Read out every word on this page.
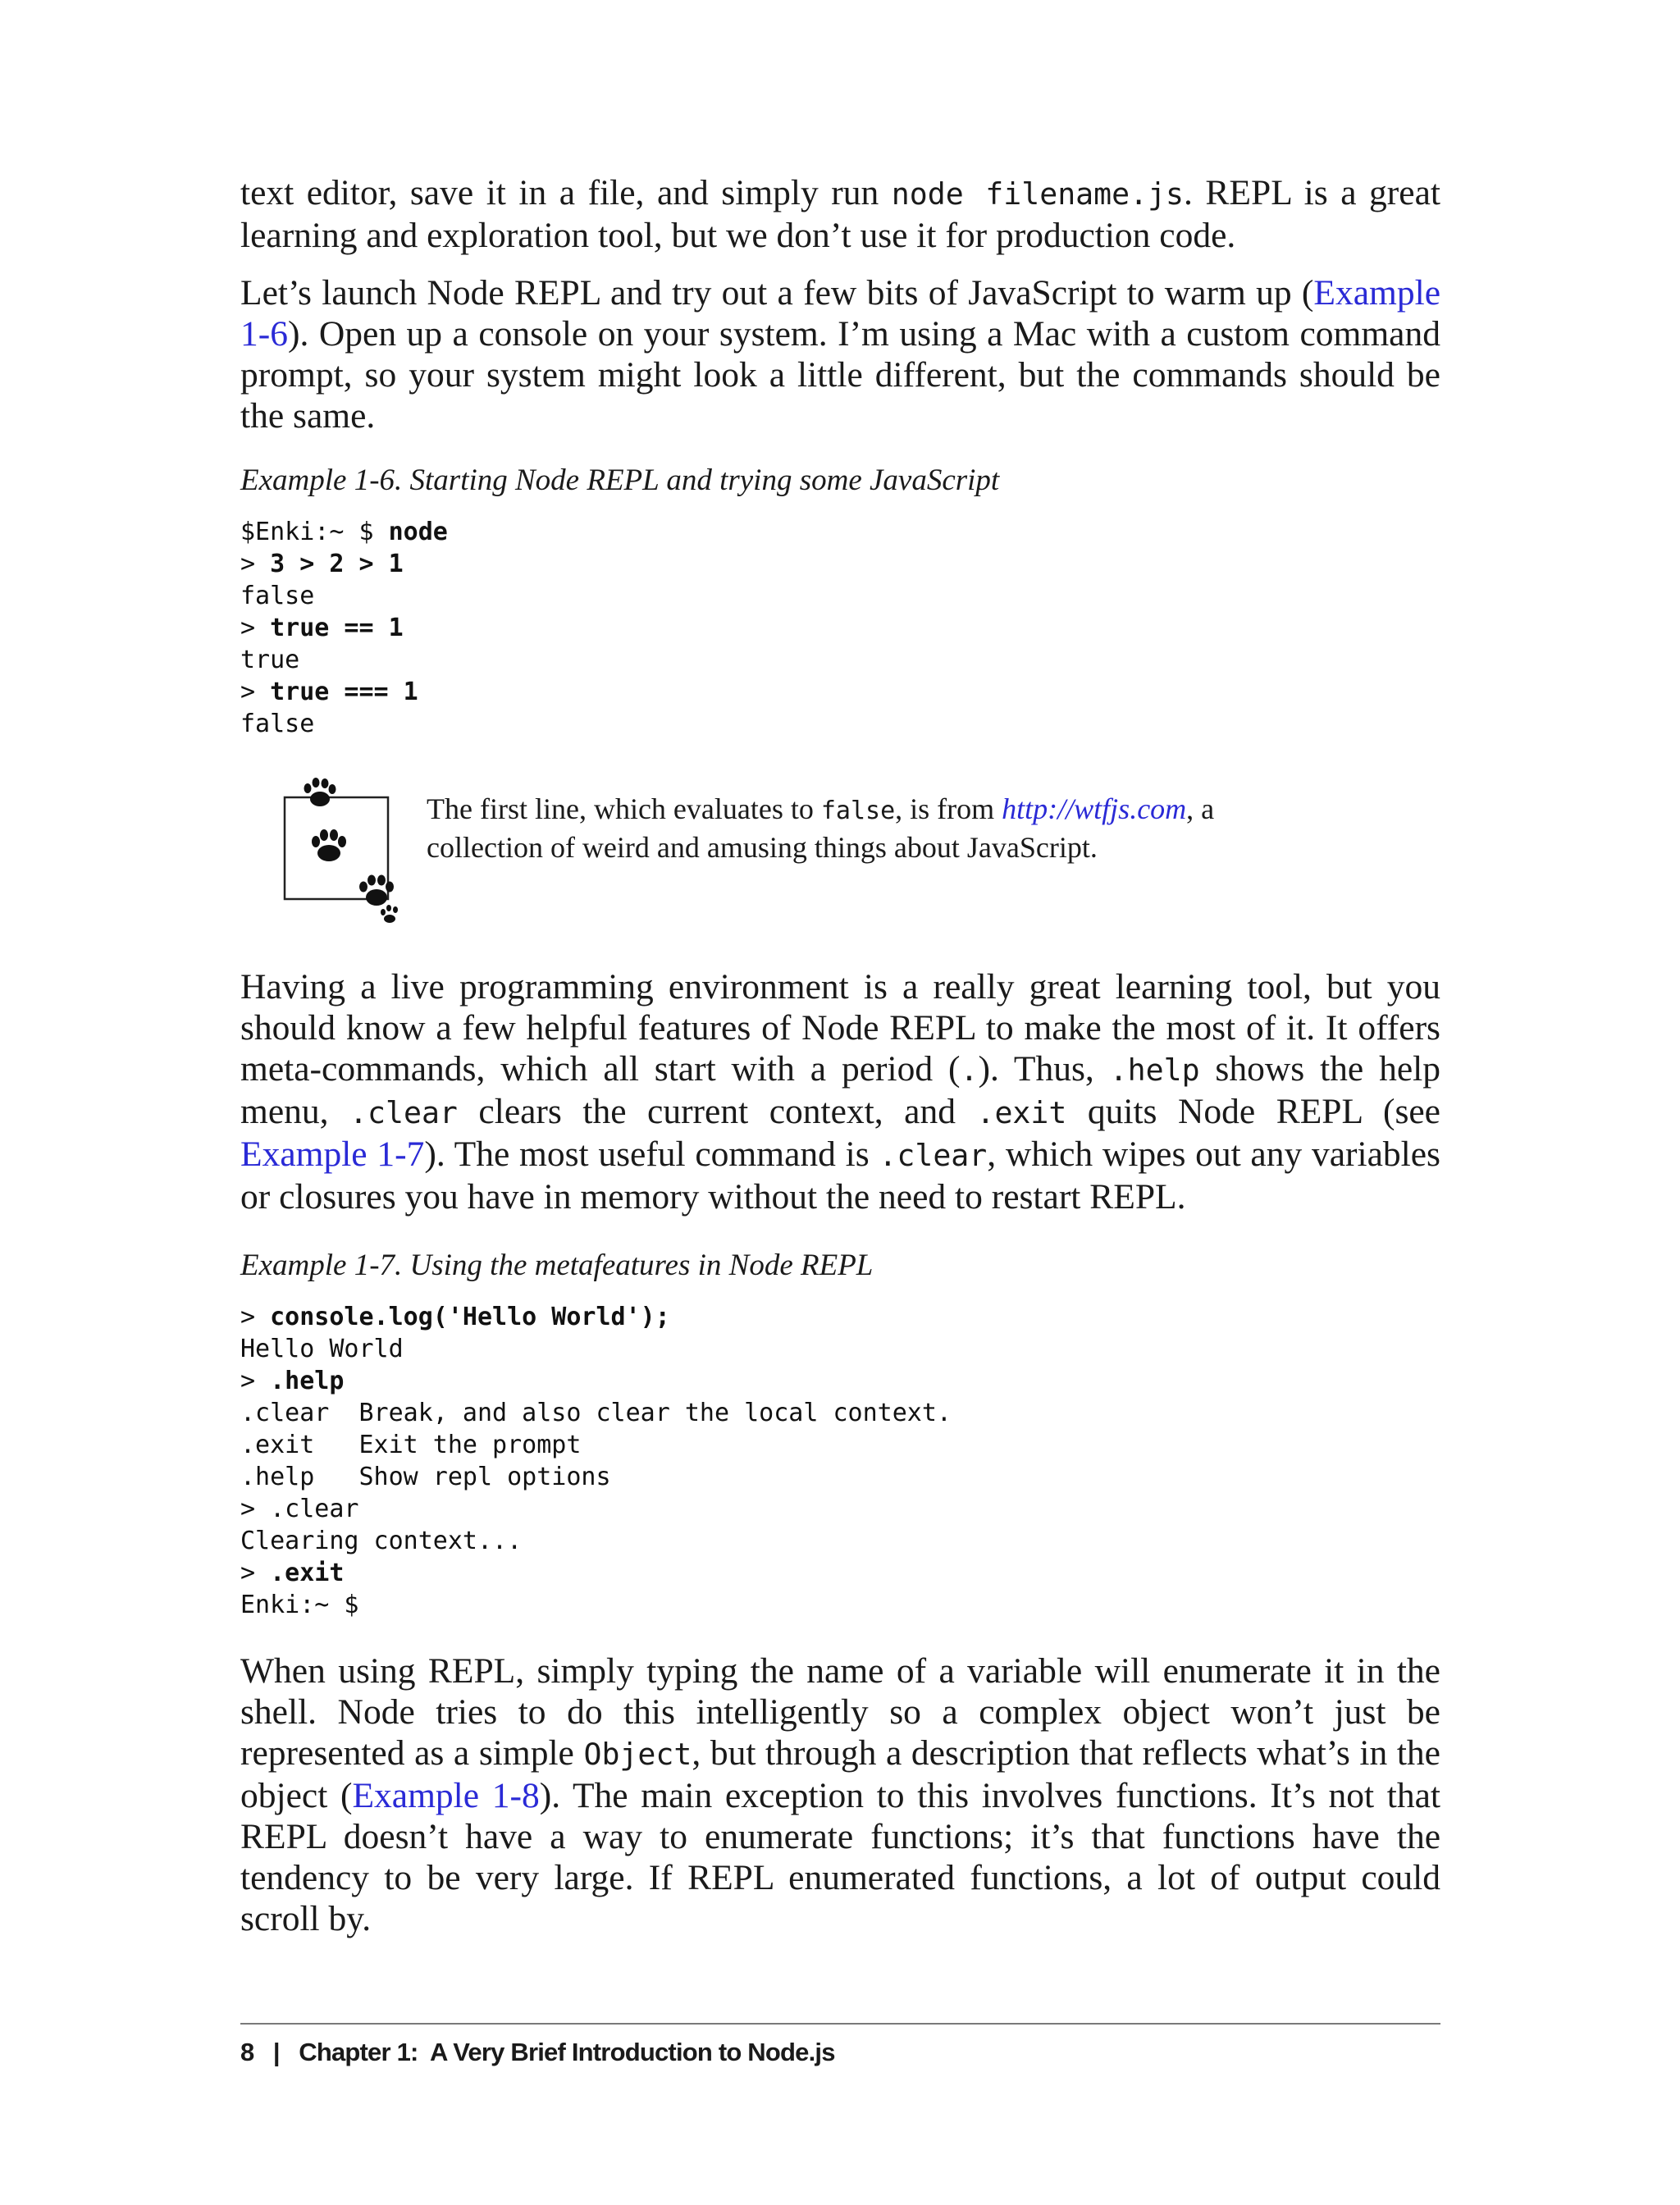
text editor, save it in a file, and simply run node filename.js. REPL is a great learning and exploration tool, but we don’t use it for production code.

Let’s launch Node REPL and try out a few bits of JavaScript to warm up (Example 1-6). Open up a console on your system. I’m using a Mac with a custom command prompt, so your system might look a little different, but the commands should be the same.

Example 1-6. Starting Node REPL and trying some JavaScript

$Enki:~ $ node
> 3 > 2 > 1
false
> true == 1
true
> true === 1
false
The first line, which evaluates to false, is from http://wtfjs.com, a collection of weird and amusing things about JavaScript.

Having a live programming environment is a really great learning tool, but you should know a few helpful features of Node REPL to make the most of it. It offers meta-commands, which all start with a period (.). Thus, .help shows the help menu, .clear clears the current context, and .exit quits Node REPL (see Example 1-7). The most useful command is .clear, which wipes out any variables or closures you have in memory without the need to restart REPL.

Example 1-7. Using the metafeatures in Node REPL

> console.log('Hello World');
Hello World
> .help
.clear  Break, and also clear the local context.
.exit   Exit the prompt
.help   Show repl options
> .clear
Clearing context...
> .exit
Enki:~ $

When using REPL, simply typing the name of a variable will enumerate it in the shell. Node tries to do this intelligently so a complex object won’t just be represented as a simple Object, but through a description that reflects what’s in the object (Example 1-8). The main exception to this involves functions. It’s not that REPL doesn’t have a way to enumerate functions; it’s that functions have the tendency to be very large. If REPL enumerated functions, a lot of output could scroll by.

8 | Chapter 1:  A Very Brief Introduction to Node.js
